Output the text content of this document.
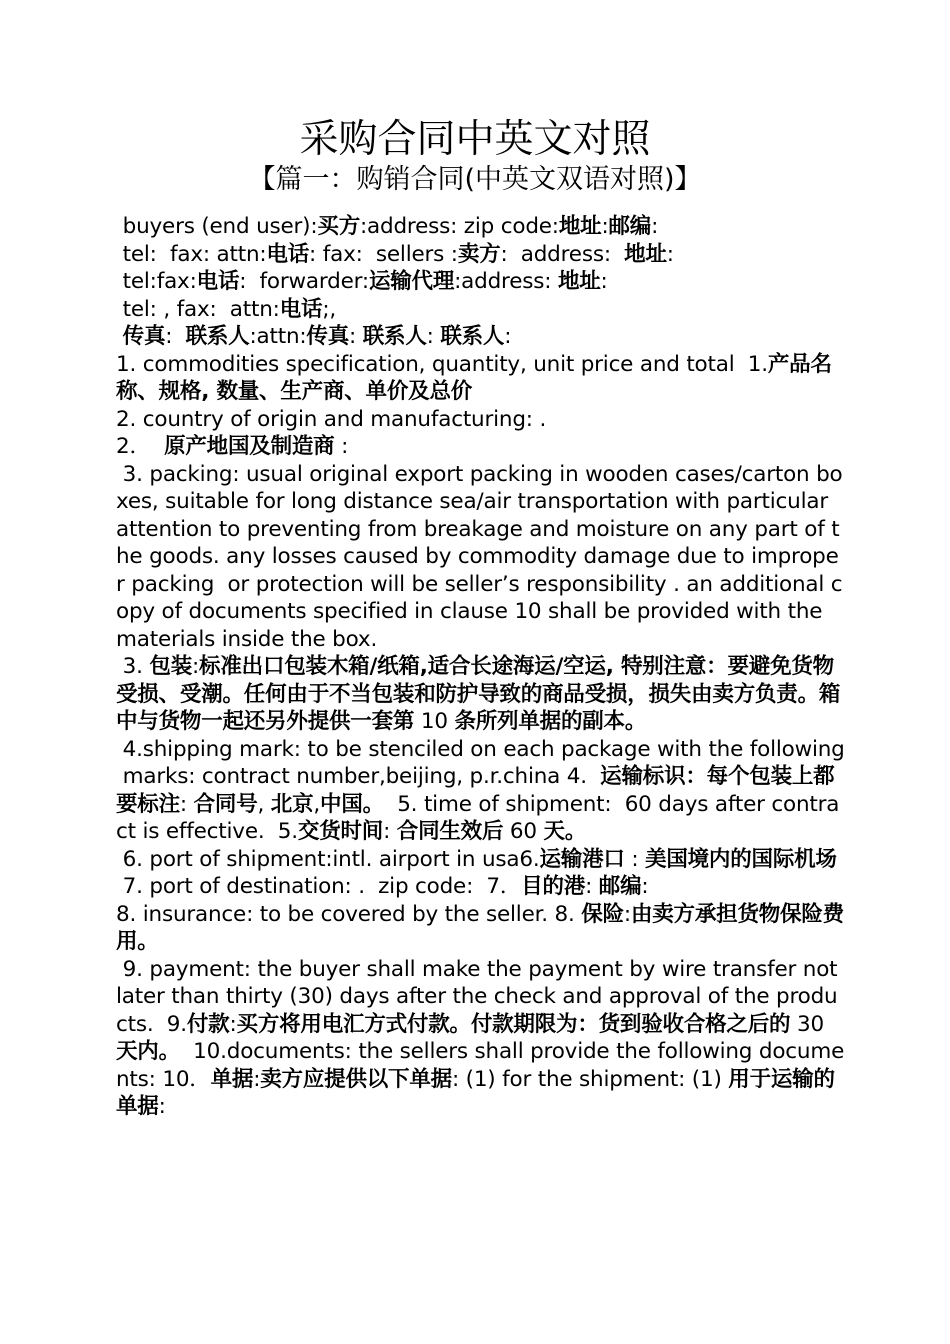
采购合同中英文对照
【篇一：购销合同(中英文双语对照)】
buyers (end user):买方:address: zip code:地址:邮编:
tel:  fax: attn:电话: fax:  sellers :卖方:  address:  地址:
tel:fax:电话:  forwarder:运输代理:address: 地址:
tel: , fax:  attn:电话;,
传真:  联系人:attn:传真: 联系人: 联系人:
1. commodities specification, quantity, unit price and total  1.产品名称、规格, 数量、生产商、单价及总价
2. country of origin and manufacturing: .
2．  原产地国及制造商 :
3. packing: usual original export packing in wooden cases/carton boxes, suitable for long distance sea/air transportation with particular attention to preventing from breakage and moisture on any part of the goods. any losses caused by commodity damage due to improper packing  or protection will be seller’s responsibility . an additional copy of documents specified in clause 10 shall be provided with the materials inside the box.
3. 包装:标准出口包装木箱/纸箱,适合长途海运/空运, 特别注意：要避免货物受损、受潮。任何由于不当包装和防护导致的商品受损，损失由卖方负责。箱中与货物一起还另外提供一套第 10 条所列单据的副本。
4.shipping mark: to be stenciled on each package with the following
marks: contract number,beijing, p.r.china 4.  运输标识：每个包装上都要标注: 合同号, 北京,中国。  5. time of shipment:  60 days after contract is effective.  5.交货时间: 合同生效后 60 天。
6. port of shipment:intl. airport in usa6.运输港口 : 美国境内的国际机场
7. port of destination: .  zip code:  7．目的港: 邮编:
8. insurance: to be covered by the seller. 8. 保险:由卖方承担货物保险费用。
9. payment: the buyer shall make the payment by wire transfer not later than thirty (30) days after the check and approval of the products.  9.付款:买方将用电汇方式付款。付款期限为：货到验收合格之后的 30 天内。  10.documents: the sellers shall provide the following documents: 10．单据:卖方应提供以下单据: (1) for the shipment: (1) 用于运输的单据:
